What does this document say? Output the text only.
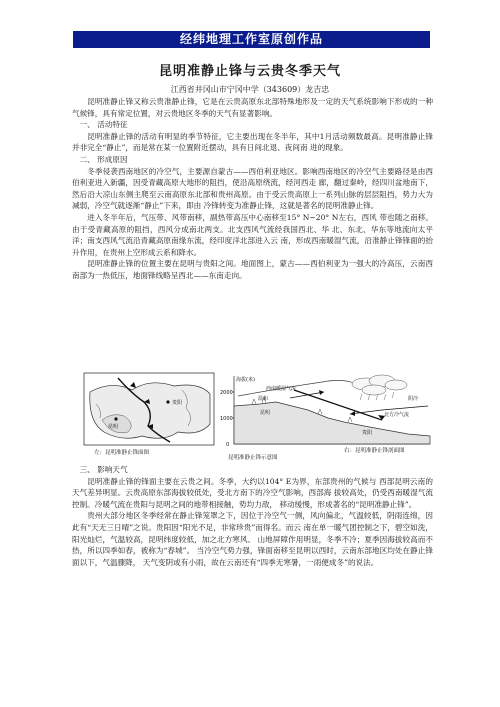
经纬地理工作室原创作品
昆明准静止锋与云贵冬季天气
江西省井冈山市宁冈中学（343609）龙吉忠

昆明准静止锋又称云贵准静止锋，它是在云贵高原东北部特殊地形及一定的天气系统影响下形成的一种气候锋，具有常定位置，对云贵地区冬季的天气有显著影响。

一、 活动特征

昆明准静止锋的活动有明显的季节特征，它主要出现在冬半年，其中1月活动频数最高。昆明准静止锋并非完全“静止”，而是常在某一位置附近摆动，具有日间北退、夜间南 进的现象。

二、 形成原因

冬季侵袭西南地区的冷空气，主要源自蒙古——西伯利亚地区。影响西南地区的冷空气主要路径是由西伯利亚进入新疆，因受青藏高原大地形的阻挡，使沿高原绕流，经河西走 廊，翻过秦岭，经四川盆地南下，然后沿大凉山东侧主爬至云南高原东北部和贵州高原。由于受云贵高原上一系列山脉的层层阻挡，势力大为减弱，冷空气就逐渐“静止”下来，即由 冷锋转变为准静止锋，这就是著名的昆明准静止锋。

进入冬半年后，气压带、风带南移，副热带高压中心南移至15° N~20° N左右，西风 带也随之南移。由于受青藏高原的阻挡，西风分成南北两支。北支西风气流经我国西北、华 北、东北、华东等地流向太平洋；南支西风气流沿青藏高原南缘东流，经印度洋北部进入云 南，形成西南暖湿气流，沿准静止锋锋面的抬升作用，在贵州上空形成云系和降水。

昆明准静止锋的位置主要在昆明与贵阳之间。地面图上，蒙古——西伯利亚为一强大的冷高压，云南西南部为一热低压，地面锋线略呈西北——东南走向。

贵阳
昆明
左：昆明准静止锋面图
海拔(米)
2000
1000
0
西南暖湿气流
昆明
贵阳
温和	阴冷
北方冷气流
右：昆明准静止锋剖面图
昆明准静止锋示意图

三、 影响天气

昆明准静止锋的锋面主要在云贵之间。冬季，大约以104° E为界，东部贵州的气候与 西部昆明云南的天气差异明显。云贵高原东部海拔较低处，受北方南下的冷空气影响，西部海 拔较高处，仍受西南暖湿气流控制。冷暖气流在贵阳与昆明之间的地带相接触，势均力敌， 移动缓慢，形成著名的“昆明准静止锋”。

贵州大部分地区冬季经常在静止锋笼罩之下，因位于冷空气一侧，风向偏北，气温较低，阴雨连绵，因此有“天无三日晴”之说。贵阳因“阳光不足，非常珍贵”而得名。而云 南在单一暖气团控制之下，碧空如洗，阳光灿烂，气温较高，昆明纬度较低，加之北方寒风、 山地屏障作用明显，冬季不冷；夏季因海拔较高而不热，所以四季如春，被称为“春城”。 当冷空气势力强，锋面南移至昆明以西时，云南东部地区均处在静止锋面以下，气温骤降， 天气变阴或有小雨，故在云南还有“四季无寒暑，一雨便成冬”的说法。
